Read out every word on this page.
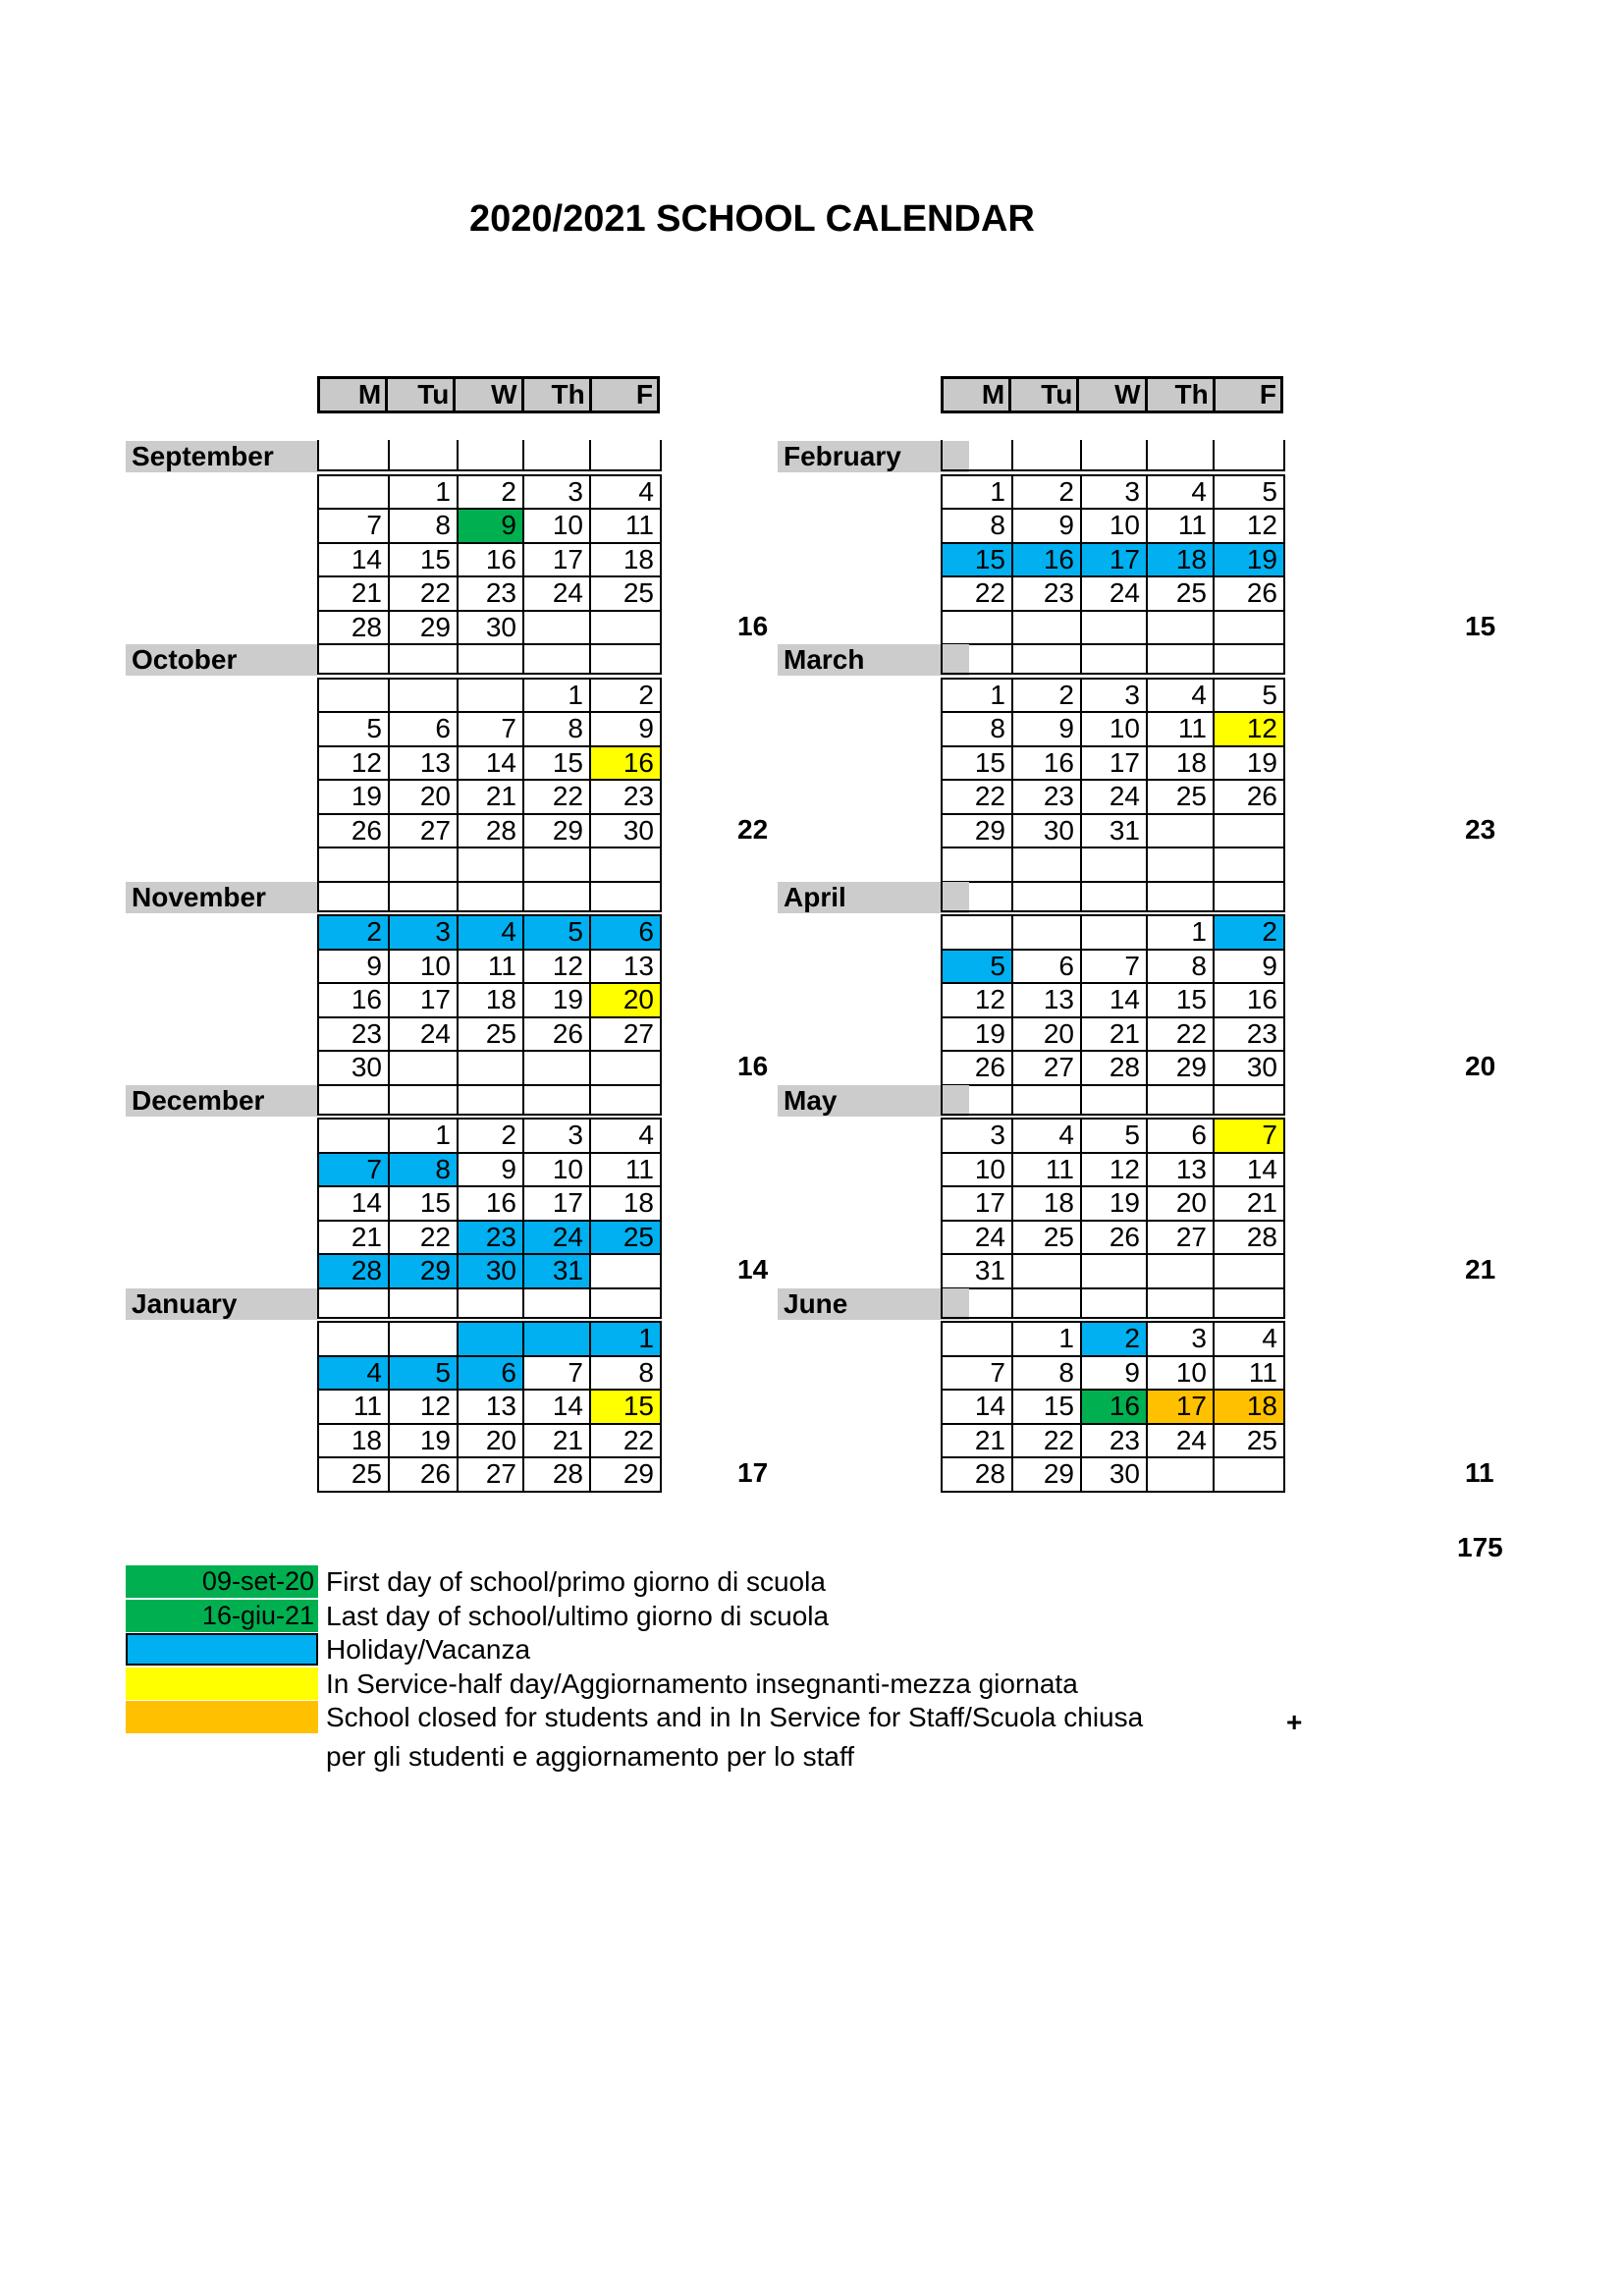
2020/2021 SCHOOL CALENDAR
M	Tu	W	Th	F	M	Tu	W	Th	F
September

	1	2	3	4
7	8	9	10	11
14	15	16	17	18
21	22	23	24	25
28	29	30			16
October

			1	2
5	6	7	8	9
12	13	14	15	16
19	20	21	22	23
26	27	28	29	30
					22
November

2	3	4	5	6
9	10	11	12	13
16	17	18	19	20
23	24	25	26	27
30					16
December

	1	2	3	4
7	8	9	10	11
14	15	16	17	18
21	22	23	24	25
28	29	30	31		14
January

				1
4	5	6	7	8
11	12	13	14	15
18	19	20	21	22
25	26	27	28	29	17
February

1	2	3	4	5
8	9	10	11	12
15	16	17	18	19
22	23	24	25	26

15
March

1	2	3	4	5
8	9	10	11	12
15	16	17	18	19
22	23	24	25	26
29	30	31		
					23
April

			1	2
5	6	7	8	9
12	13	14	15	16
19	20	21	22	23
26	27	28	29	30	20
May

3	4	5	6	7
10	11	12	13	14
17	18	19	20	21
24	25	26	27	28
31					21
June

	1	2	3	4
7	8	9	10	11
14	15	16	17	18
21	22	23	24	25
28	29	30			11
175
09-set-20 First day of school/primo giorno di scuola
16-giu-21 Last day of school/ultimo giorno di scuola
Holiday/Vacanza
In Service-half day/Aggiornamento insegnanti-mezza giornata
School closed for students and in In Service for Staff/Scuola chiusa
per gli studenti e aggiornamento per lo staff
+
